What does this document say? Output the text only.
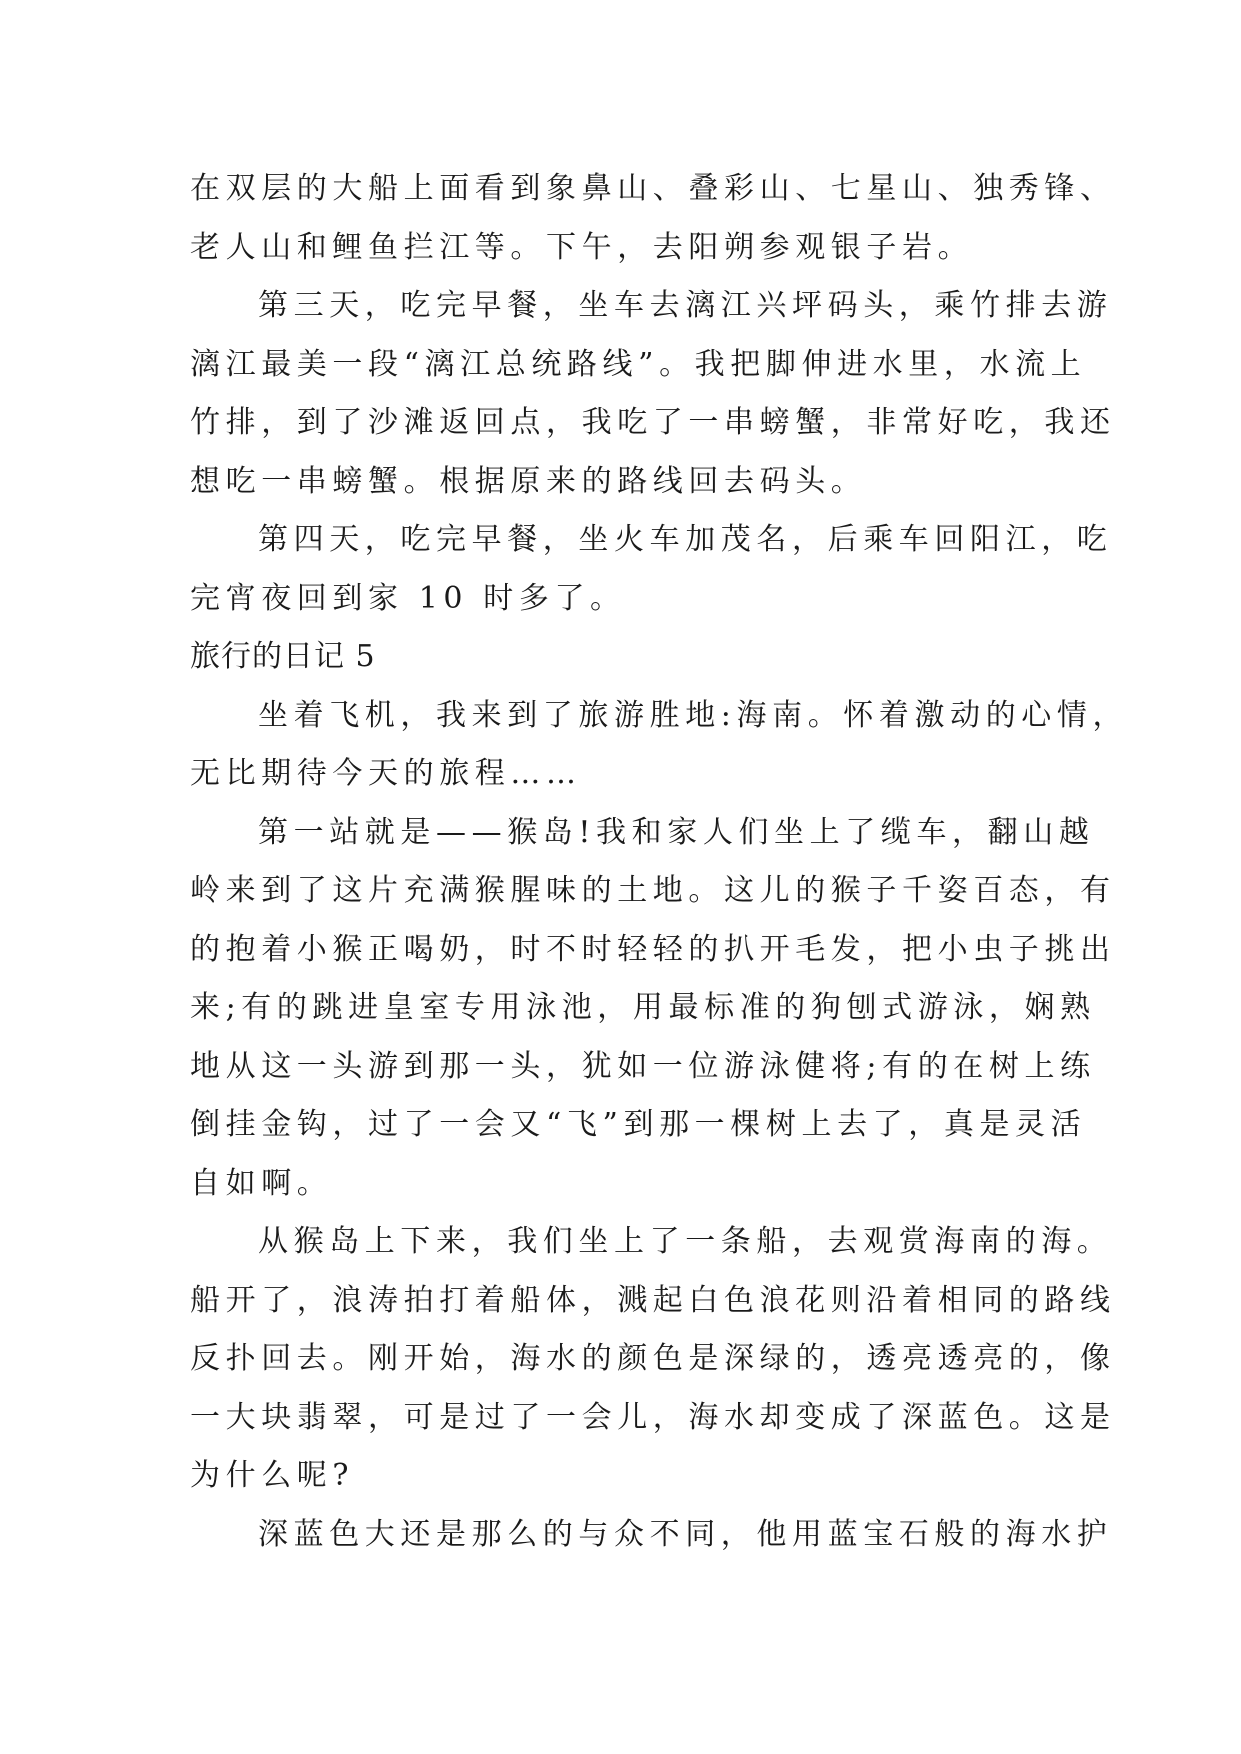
在双层的大船上面看到象鼻山、叠彩山、七星山、独秀锋、
老人山和鲤鱼拦江等。下午，去阳朔参观银子岩。
第三天，吃完早餐，坐车去漓江兴坪码头，乘竹排去游
漓江最美一段“漓江总统路线”。我把脚伸进水里，水流上
竹排，到了沙滩返回点，我吃了一串螃蟹，非常好吃，我还
想吃一串螃蟹。根据原来的路线回去码头。
第四天，吃完早餐，坐火车加茂名，后乘车回阳江，吃
完宵夜回到家 10 时多了。
旅行的日记 5
坐着飞机，我来到了旅游胜地:海南。怀着激动的心情，
无比期待今天的旅程……
第一站就是——猴岛!我和家人们坐上了缆车，翻山越
岭来到了这片充满猴腥味的土地。这儿的猴子千姿百态，有
的抱着小猴正喝奶，时不时轻轻的扒开毛发，把小虫子挑出
来;有的跳进皇室专用泳池，用最标准的狗刨式游泳，娴熟
地从这一头游到那一头，犹如一位游泳健将;有的在树上练
倒挂金钩，过了一会又“飞”到那一棵树上去了，真是灵活
自如啊。
从猴岛上下来，我们坐上了一条船，去观赏海南的海。
船开了，浪涛拍打着船体，溅起白色浪花则沿着相同的路线
反扑回去。刚开始，海水的颜色是深绿的，透亮透亮的，像
一大块翡翠，可是过了一会儿，海水却变成了深蓝色。这是
为什么呢?
深蓝色大还是那么的与众不同，他用蓝宝石般的海水护
